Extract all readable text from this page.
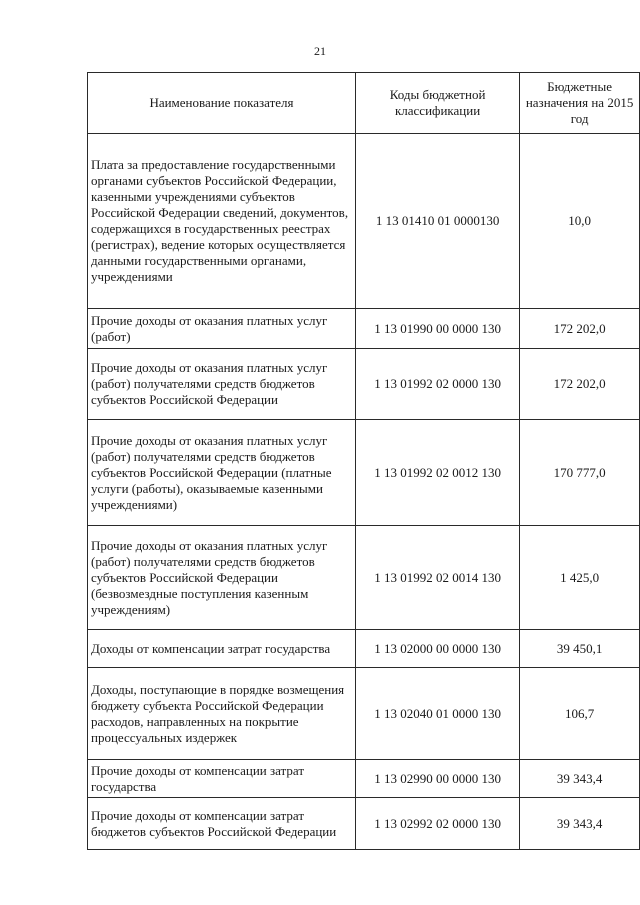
21
Наименование показателя	Коды бюджетной классификации	Бюджетные назначения на 2015 год
Плата за предоставление государственными органами субъектов Российской Федерации, казенными учреждениями субъектов Российской Федерации сведений, документов, содержащихся в государственных реестрах (регистрах), ведение которых осуществляется данными государственными органами, учреждениями	1 13 01410 01 0000130	10,0
Прочие доходы от оказания платных услуг (работ)	1 13 01990 00 0000 130	172 202,0
Прочие доходы от оказания платных услуг (работ) получателями средств бюджетов субъектов Российской Федерации	1 13 01992 02 0000 130	172 202,0
Прочие доходы от оказания платных услуг (работ) получателями средств бюджетов субъектов Российской Федерации (платные услуги (работы), оказываемые казенными учреждениями)	1 13 01992 02 0012 130	170 777,0
Прочие доходы от оказания платных услуг (работ) получателями средств бюджетов субъектов Российской Федерации (безвозмездные поступления казенным учреждениям)	1 13 01992 02 0014 130	1 425,0
Доходы от компенсации затрат государства	1 13 02000 00 0000 130	39 450,1
Доходы, поступающие в порядке возмещения бюджету субъекта Российской Федерации расходов, направленных на покрытие процессуальных издержек	1 13 02040 01 0000 130	106,7
Прочие доходы от компенсации затрат государства	1 13 02990 00 0000 130	39 343,4
Прочие доходы от компенсации затрат бюджетов субъектов Российской Федерации	1 13 02992 02 0000 130	39 343,4
